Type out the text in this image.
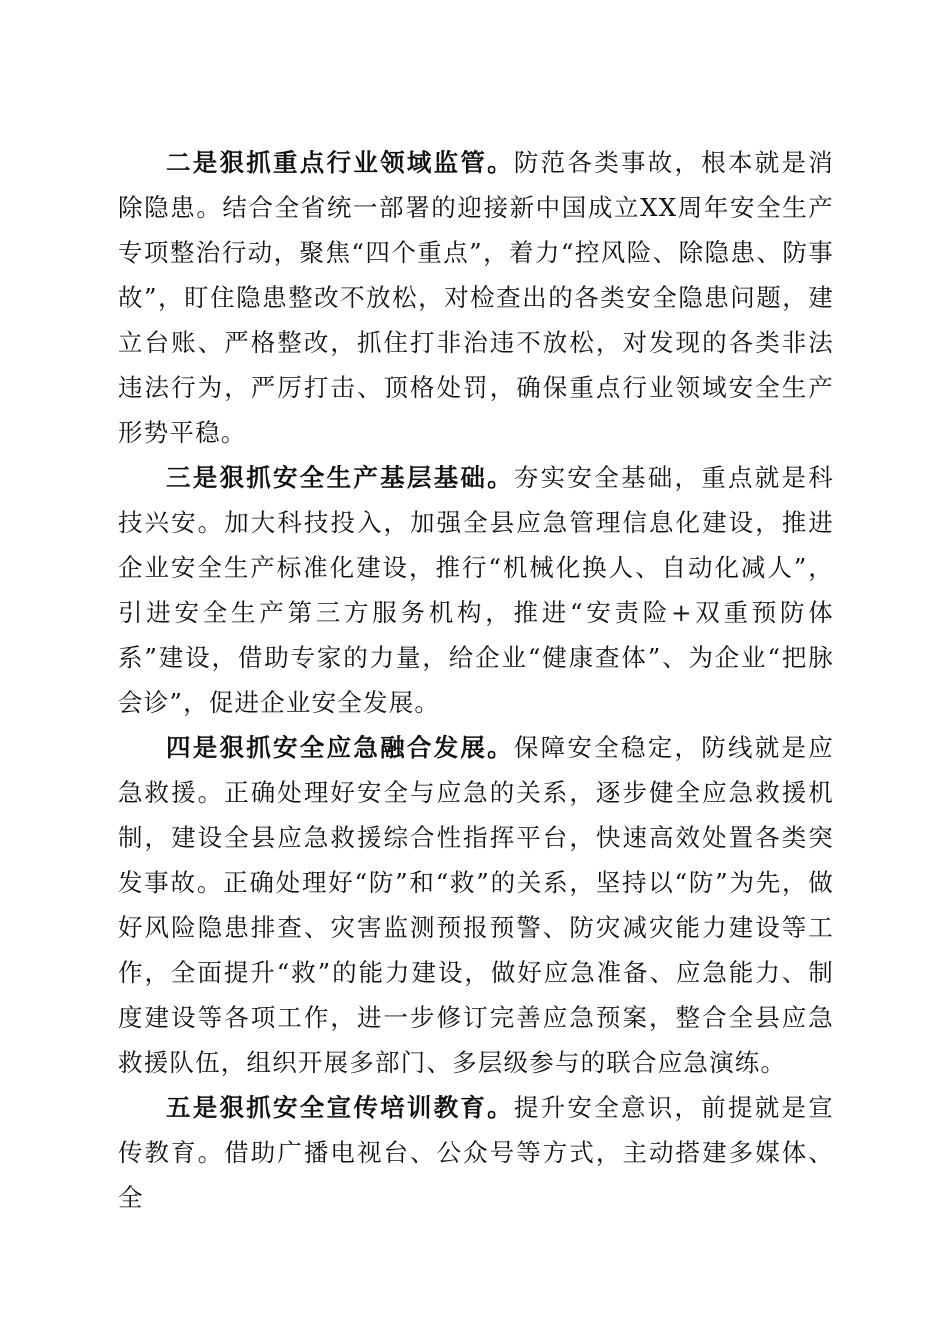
二是狠抓重点行业领域监管。防范各类事故，根本就是消除隐患。结合全省统一部署的迎接新中国成立XX周年安全生产专项整治行动，聚焦“四个重点”，着力“控风险、除隐患、防事故”，盯住隐患整改不放松，对检查出的各类安全隐患问题，建立台账、严格整改，抓住打非治违不放松，对发现的各类非法违法行为，严厉打击、顶格处罚，确保重点行业领域安全生产形势平稳。

三是狠抓安全生产基层基础。夯实安全基础，重点就是科技兴安。加大科技投入，加强全县应急管理信息化建设，推进企业安全生产标准化建设，推行“机械化换人、自动化减人”，引进安全生产第三方服务机构，推进“安责险+双重预防体系”建设，借助专家的力量，给企业“健康查体”、为企业“把脉会诊”，促进企业安全发展。

四是狠抓安全应急融合发展。保障安全稳定，防线就是应急救援。正确处理好安全与应急的关系，逐步健全应急救援机制，建设全县应急救援综合性指挥平台，快速高效处置各类突发事故。正确处理好“防”和“救”的关系，坚持以“防”为先，做好风险隐患排查、灾害监测预报预警、防灾减灾能力建设等工作，全面提升“救”的能力建设，做好应急准备、应急能力、制度建设等各项工作，进一步修订完善应急预案，整合全县应急救援队伍，组织开展多部门、多层级参与的联合应急演练。

五是狠抓安全宣传培训教育。提升安全意识，前提就是宣传教育。借助广播电视台、公众号等方式，主动搭建多媒体、全
